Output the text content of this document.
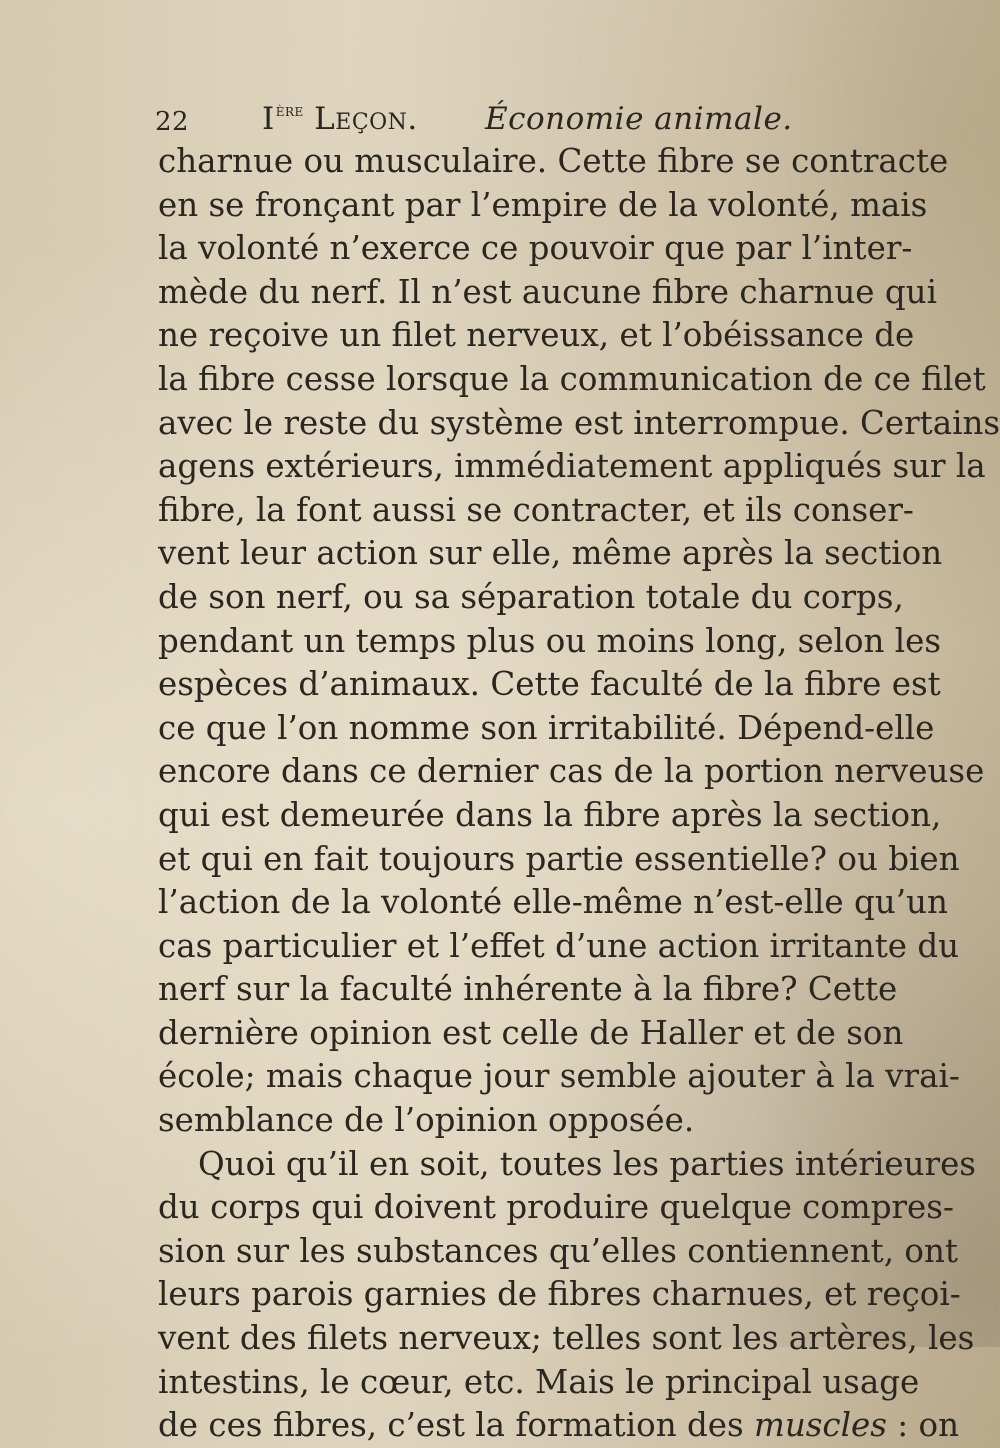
22 Ière Leçon. Économie animale.
charnue ou musculaire. Cette fibre se contracte
en se fronçant par l’empire de la volonté, mais
la volonté n’exerce ce pouvoir que par l’inter-
mède du nerf. Il n’est aucune fibre charnue qui
ne reçoive un filet nerveux, et l’obéissance de
la fibre cesse lorsque la communication de ce filet
avec le reste du système est interrompue. Certains
agens extérieurs, immédiatement appliqués sur la
fibre, la font aussi se contracter, et ils conser-
vent leur action sur elle, même après la section
de son nerf, ou sa séparation totale du corps,
pendant un temps plus ou moins long, selon les
espèces d’animaux. Cette faculté de la fibre est
ce que l’on nomme son irritabilité. Dépend-elle
encore dans ce dernier cas de la portion nerveuse
qui est demeurée dans la fibre après la section,
et qui en fait toujours partie essentielle? ou bien
l’action de la volonté elle-même n’est-elle qu’un
cas particulier et l’effet d’une action irritante du
nerf sur la faculté inhérente à la fibre? Cette
dernière opinion est celle de Haller et de son
école; mais chaque jour semble ajouter à la vrai-
semblance de l’opinion opposée.
Quoi qu’il en soit, toutes les parties intérieures
du corps qui doivent produire quelque compres-
sion sur les substances qu’elles contiennent, ont
leurs parois garnies de fibres charnues, et reçoi-
vent des filets nerveux; telles sont les artères, les
intestins, le cœur, etc. Mais le principal usage
de ces fibres, c’est la formation des muscles : on
